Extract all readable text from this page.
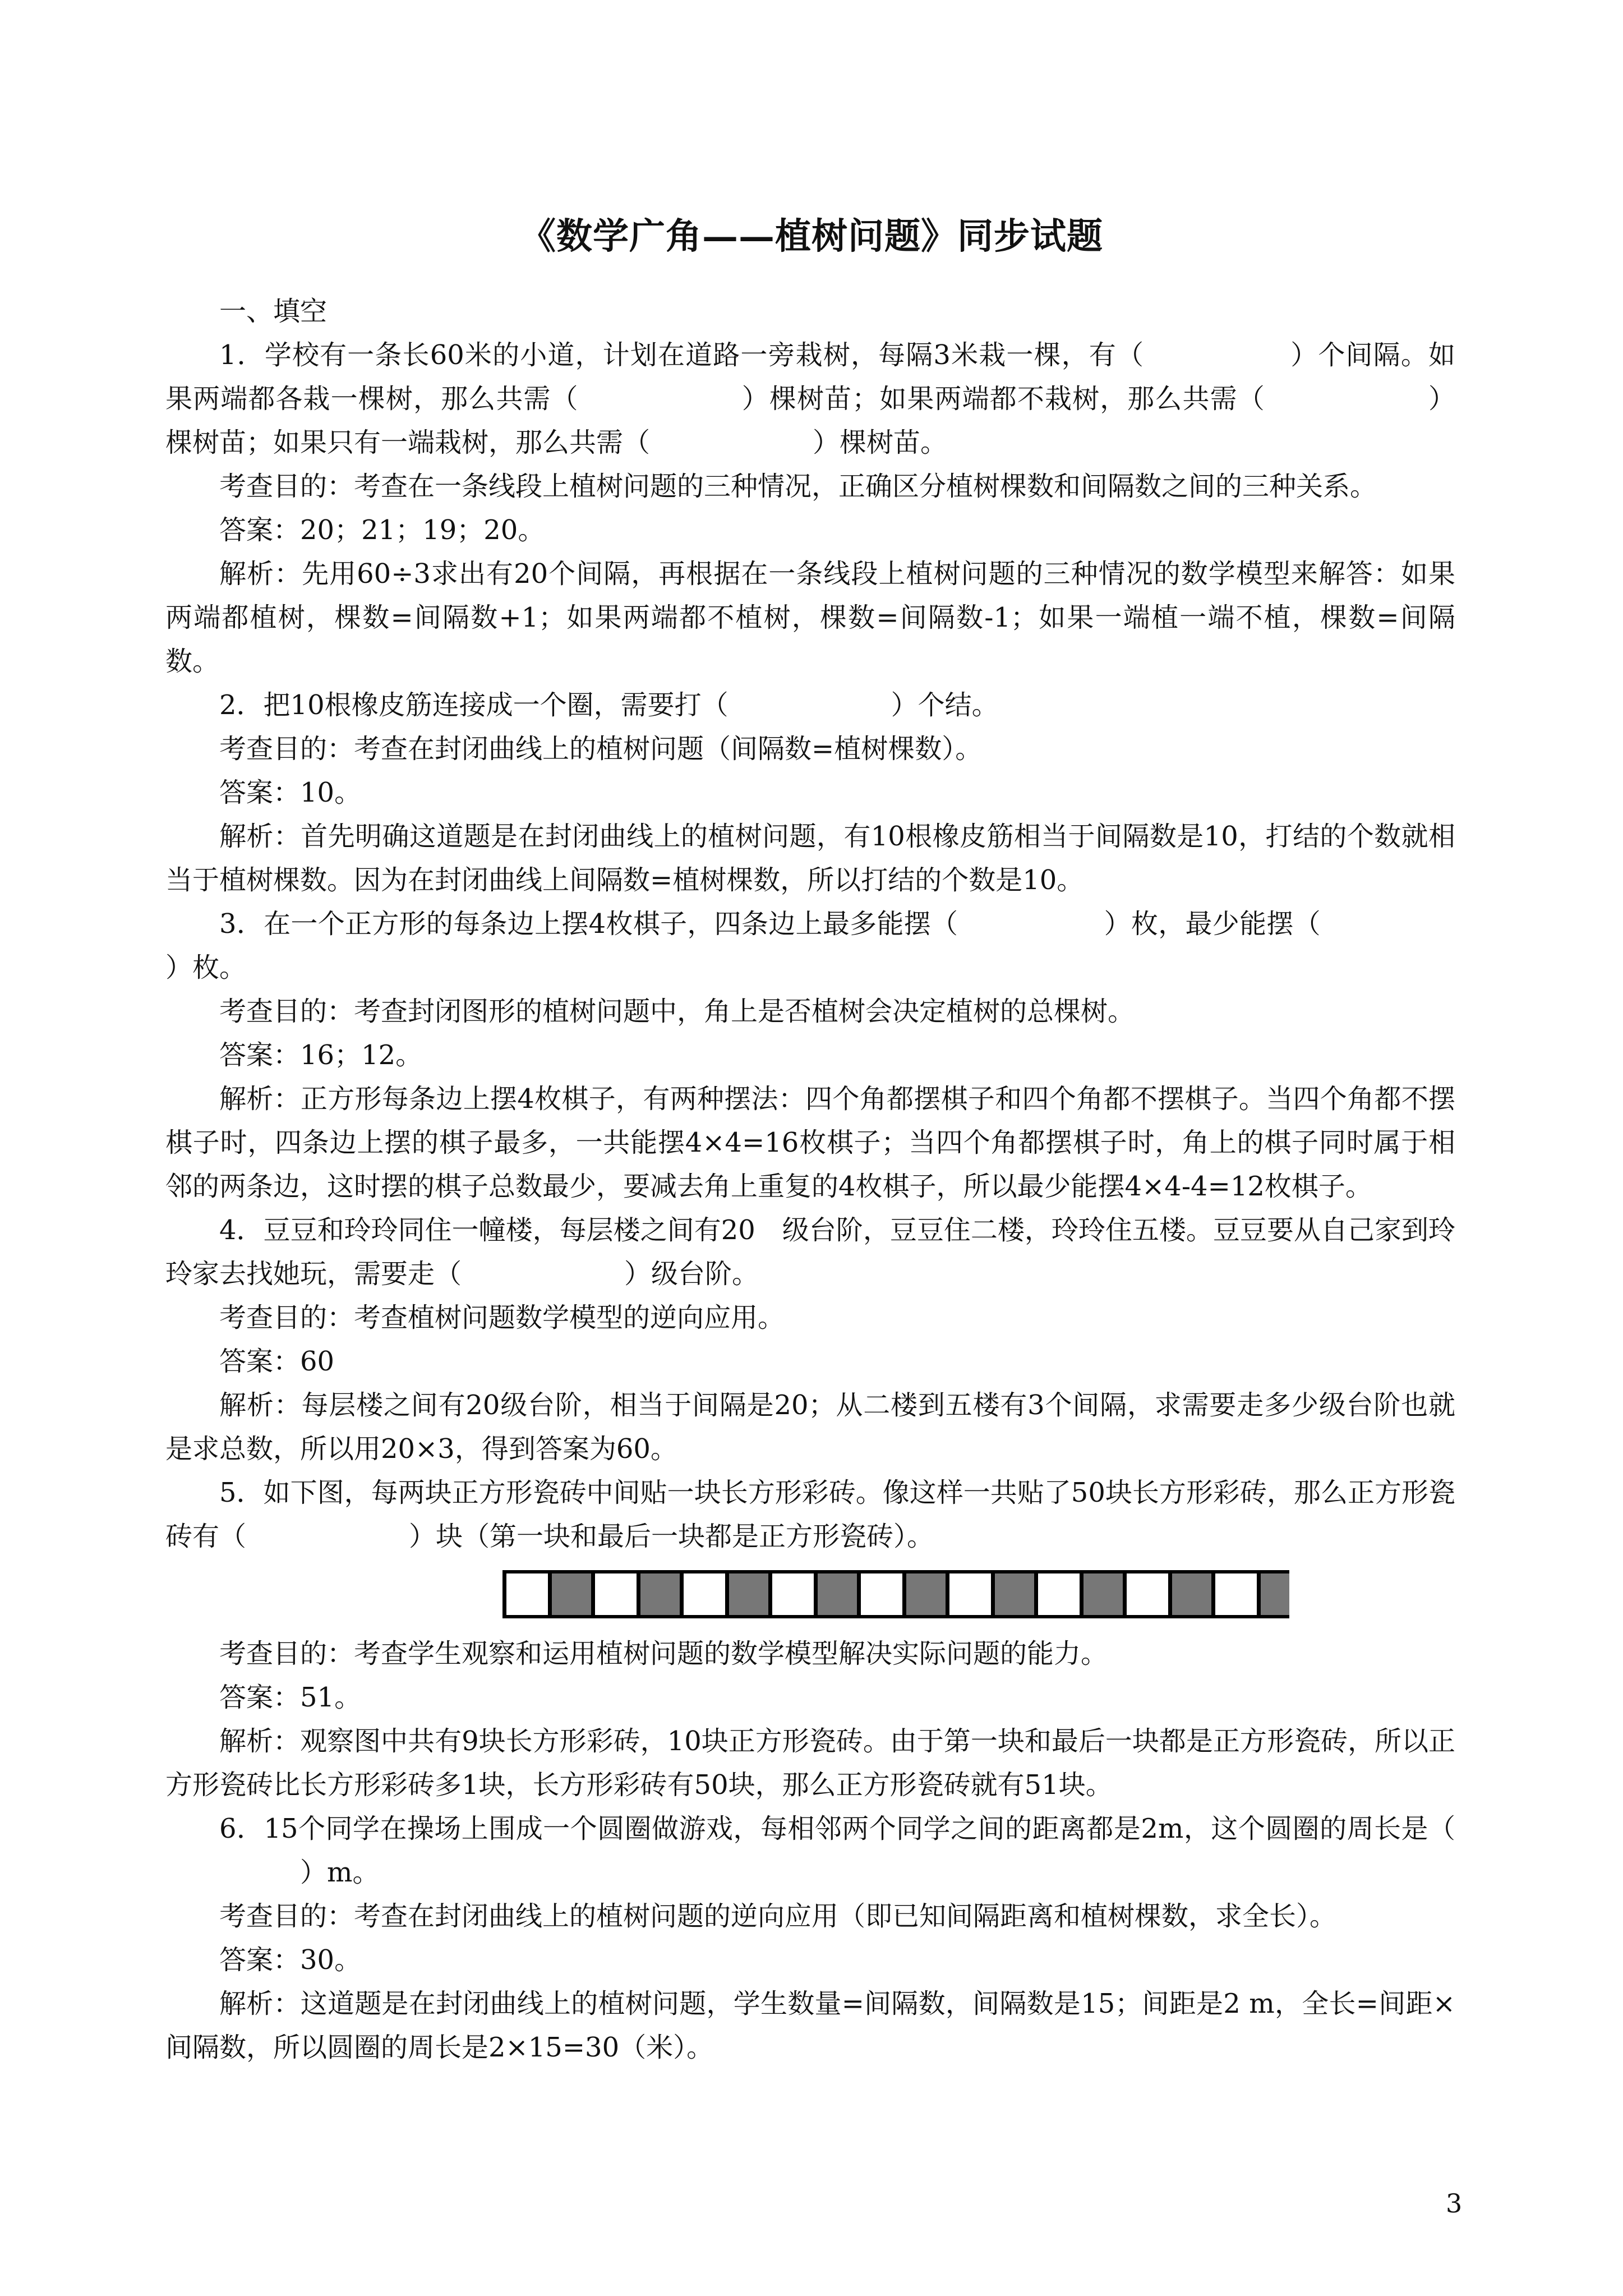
《数学广角——植树问题》同步试题

一、填空

1．学校有一条长60米的小道，计划在道路一旁栽树，每隔3米栽一棵，有（	）个间隔。如果两端都各栽一棵树，那么共需（	）棵树苗；如果两端都不栽树，那么共需（	）棵树苗；如果只有一端栽树，那么共需（	）棵树苗。

考查目的：考查在一条线段上植树问题的三种情况，正确区分植树棵数和间隔数之间的三种关系。

答案：20；21；19；20。

解析：先用60÷3求出有20个间隔，再根据在一条线段上植树问题的三种情况的数学模型来解答：如果两端都植树，棵数=间隔数+1；如果两端都不植树，棵数=间隔数-1；如果一端植一端不植，棵数=间隔数。

2．把10根橡皮筋连接成一个圈，需要打（	）个结。

考查目的：考查在封闭曲线上的植树问题（间隔数=植树棵数）。

答案：10。

解析：首先明确这道题是在封闭曲线上的植树问题，有10根橡皮筋相当于间隔数是10，打结的个数就相当于植树棵数。因为在封闭曲线上间隔数=植树棵数，所以打结的个数是10。

3．在一个正方形的每条边上摆4枚棋子，四条边上最多能摆（	）枚，最少能摆（）枚。

考查目的：考查封闭图形的植树问题中，角上是否植树会决定植树的总棵树。

答案：16；12。

解析：正方形每条边上摆4枚棋子，有两种摆法：四个角都摆棋子和四个角都不摆棋子。当四个角都不摆棋子时，四条边上摆的棋子最多，一共能摆4×4=16枚棋子；当四个角都摆棋子时，角上的棋子同时属于相邻的两条边，这时摆的棋子总数最少，要减去角上重复的4枚棋子，所以最少能摆4×4-4=12枚棋子。

4．豆豆和玲玲同住一幢楼，每层楼之间有20　级台阶，豆豆住二楼，玲玲住五楼。豆豆要从自己家到玲玲家去找她玩，需要走（	）级台阶。

考查目的：考查植树问题数学模型的逆向应用。

答案：60

解析：每层楼之间有20级台阶，相当于间隔是20；从二楼到五楼有3个间隔，求需要走多少级台阶也就是求总数，所以用20×3，得到答案为60。

5．如下图，每两块正方形瓷砖中间贴一块长方形彩砖。像这样一共贴了50块长方形彩砖，那么正方形瓷砖有（	）块（第一块和最后一块都是正方形瓷砖）。

考查目的：考查学生观察和运用植树问题的数学模型解决实际问题的能力。

答案：51。

解析：观察图中共有9块长方形彩砖，10块正方形瓷砖。由于第一块和最后一块都是正方形瓷砖，所以正方形瓷砖比长方形彩砖多1块，长方形彩砖有50块，那么正方形瓷砖就有51块。

6．15个同学在操场上围成一个圆圈做游戏，每相邻两个同学之间的距离都是2m，这个圆圈的周长是（）m。

考查目的：考查在封闭曲线上的植树问题的逆向应用（即已知间隔距离和植树棵数，求全长）。

答案：30。

解析：这道题是在封闭曲线上的植树问题，学生数量=间隔数，间隔数是15；间距是2 m，全长=间距×间隔数，所以圆圈的周长是2×15=30（米）。

3
